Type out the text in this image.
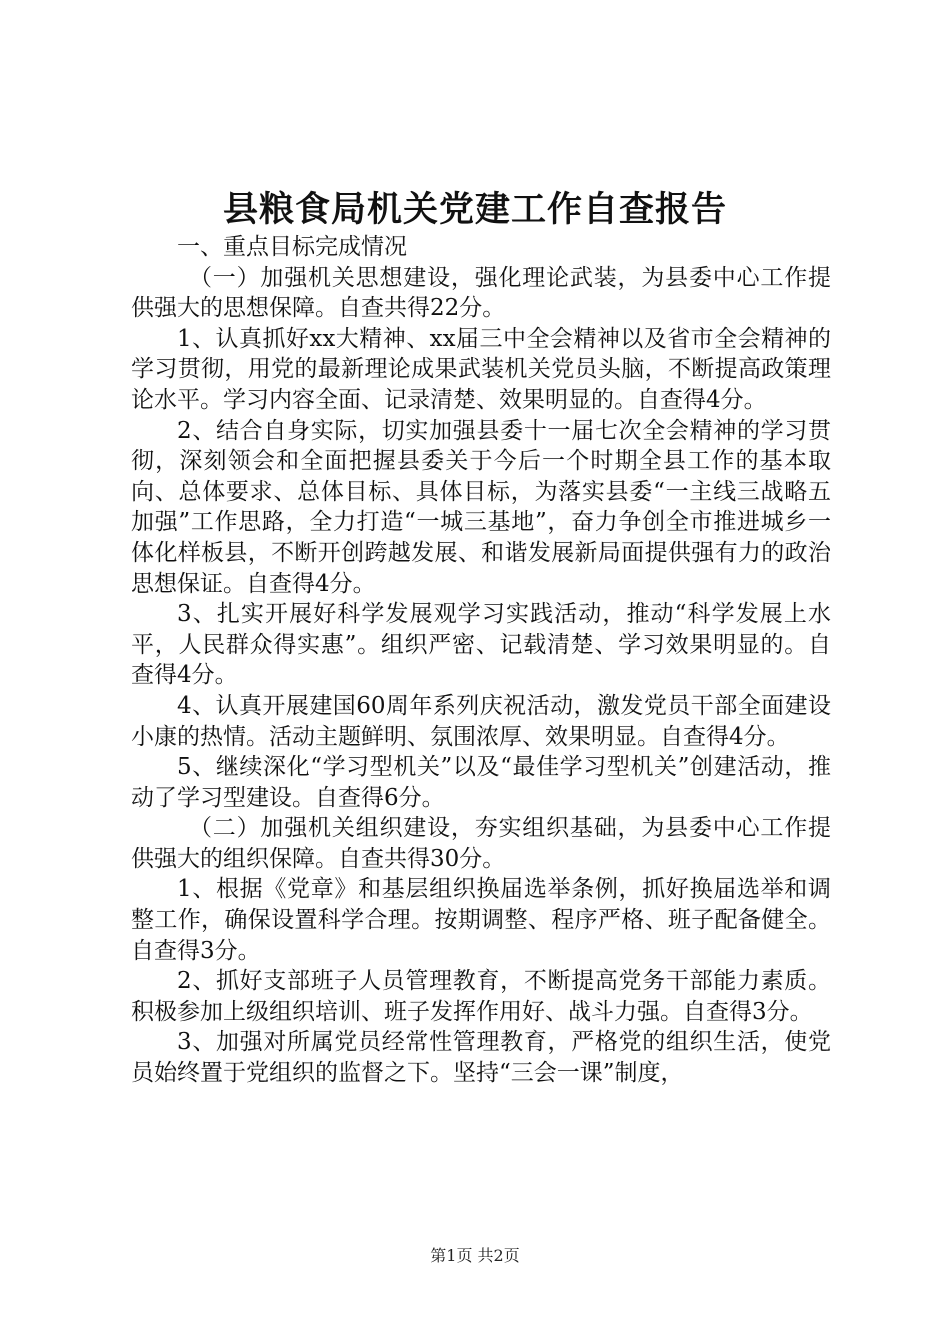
县粮食局机关党建工作自查报告

一、重点目标完成情况

（一）加强机关思想建设，强化理论武装，为县委中心工作提供强大的思想保障。自查共得22分。

1、认真抓好xx大精神、xx届三中全会精神以及省市全会精神的学习贯彻，用党的最新理论成果武装机关党员头脑，不断提高政策理论水平。学习内容全面、记录清楚、效果明显的。自查得4分。

2、结合自身实际，切实加强县委十一届七次全会精神的学习贯彻，深刻领会和全面把握县委关于今后一个时期全县工作的基本取向、总体要求、总体目标、具体目标，为落实县委“一主线三战略五加强”工作思路，全力打造“一城三基地”，奋力争创全市推进城乡一体化样板县，不断开创跨越发展、和谐发展新局面提供强有力的政治思想保证。自查得4分。

3、扎实开展好科学发展观学习实践活动，推动“科学发展上水平，人民群众得实惠”。组织严密、记载清楚、学习效果明显的。自查得4分。

4、认真开展建国60周年系列庆祝活动，激发党员干部全面建设小康的热情。活动主题鲜明、氛围浓厚、效果明显。自查得4分。

5、继续深化“学习型机关”以及“最佳学习型机关”创建活动，推动了学习型建设。自查得6分。

（二）加强机关组织建设，夯实组织基础，为县委中心工作提供强大的组织保障。自查共得30分。

1、根据《党章》和基层组织换届选举条例，抓好换届选举和调整工作，确保设置科学合理。按期调整、程序严格、班子配备健全。自查得3分。

2、抓好支部班子人员管理教育，不断提高党务干部能力素质。积极参加上级组织培训、班子发挥作用好、战斗力强。自查得3分。

3、加强对所属党员经常性管理教育，严格党的组织生活，使党员始终置于党组织的监督之下。坚持“三会一课”制度，

第1页 共2页
